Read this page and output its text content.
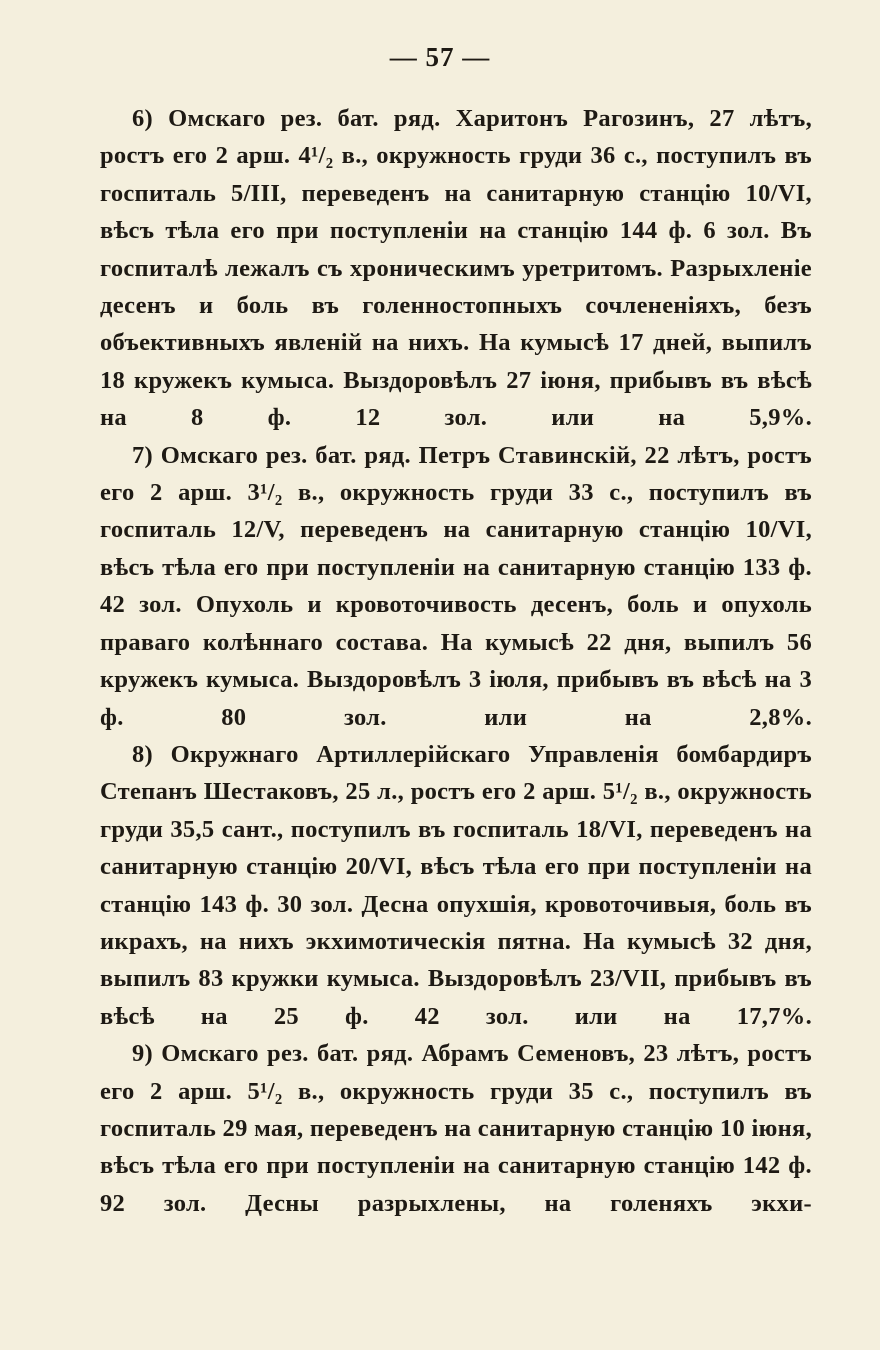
— 57 —

6) Омскаго рез. бат. ряд. Харитонъ Рагозинъ, 27 лѣтъ, ростъ его 2 арш. 4¹/₂ в., окружность груди 36 с., поступилъ въ госпиталь 5/III, переведенъ на санитарную станцію 10/VI, вѣсъ тѣла его при поступленіи на станцію 144 ф. 6 зол. Въ госпиталѣ лежалъ съ хроническимъ уретритомъ. Разрыхленіе десенъ и боль въ голенностопныхъ сочлененіяхъ, безъ объективныхъ явленій на нихъ. На кумысѣ 17 дней, выпилъ 18 кружекъ кумыса. Выздоровѣлъ 27 іюня, прибывъ въ вѣсѣ на 8 ф. 12 зол. или на 5,9%.

7) Омскаго рез. бат. ряд. Петръ Ставинскій, 22 лѣтъ, ростъ его 2 арш. 3¹/₂ в., окружность груди 33 с., поступилъ въ госпиталь 12/V, переведенъ на санитарную станцію 10/VI, вѣсъ тѣла его при поступленіи на санитарную станцію 133 ф. 42 зол. Опухоль и кровоточивость десенъ, боль и опухоль праваго колѣннаго состава. На кумысѣ 22 дня, выпилъ 56 кружекъ кумыса. Выздоровѣлъ 3 іюля, прибывъ въ вѣсѣ на 3 ф. 80 зол. или на 2,8%.

8) Окружнаго Артиллерійскаго Управленія бомбардиръ Степанъ Шестаковъ, 25 л., ростъ его 2 арш. 5¹/₂ в., окружность груди 35,5 сант., поступилъ въ госпиталь 18/VI, переведенъ на санитарную станцію 20/VI, вѣсъ тѣла его при поступленіи на станцію 143 ф. 30 зол. Десна опухшія, кровоточивыя, боль въ икрахъ, на нихъ экхимотическія пятна. На кумысѣ 32 дня, выпилъ 83 кружки кумыса. Выздоровѣлъ 23/VII, прибывъ въ вѣсѣ на 25 ф. 42 зол. или на 17,7%.

9) Омскаго рез. бат. ряд. Абрамъ Семеновъ, 23 лѣтъ, ростъ его 2 арш. 5¹/₂ в., окружность груди 35 с., поступилъ въ госпиталь 29 мая, переведенъ на санитарную станцію 10 іюня, вѣсъ тѣла его при поступленіи на санитарную станцію 142 ф. 92 зол. Десны разрыхлены, на голеняхъ экхи-
